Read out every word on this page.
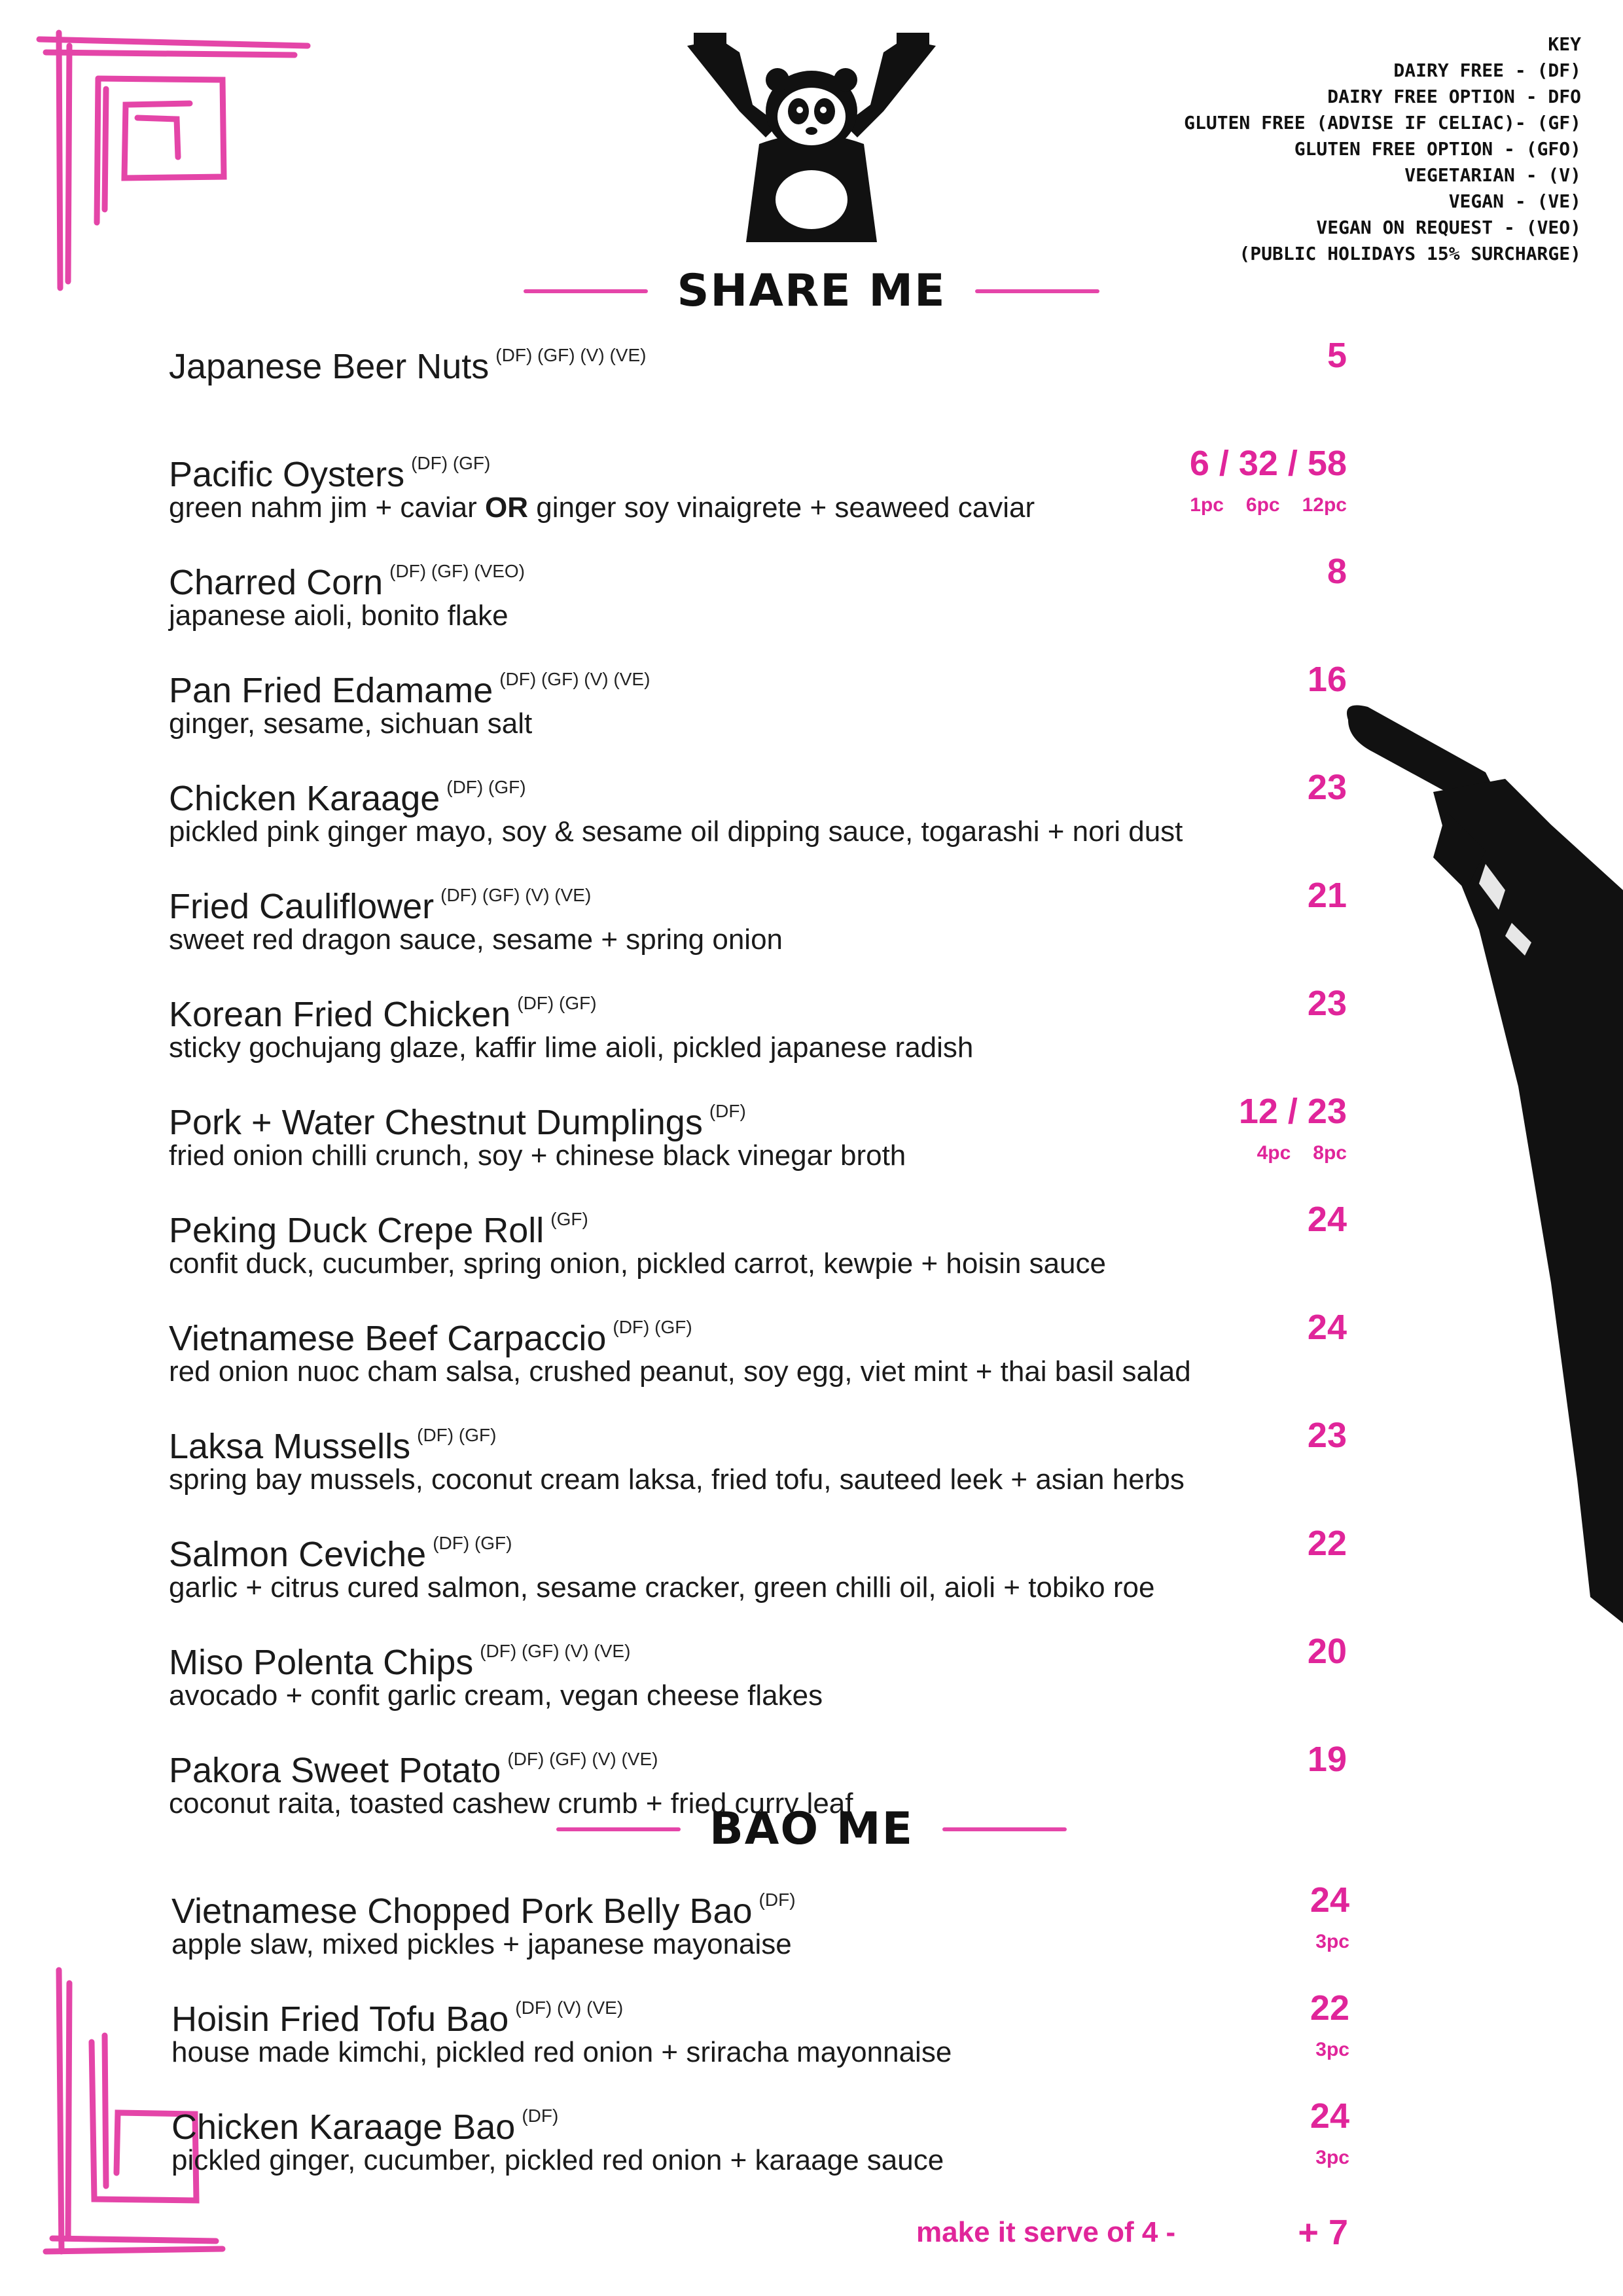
KEY
DAIRY FREE - (DF)
DAIRY FREE OPTION - DFO
GLUTEN FREE (ADVISE IF CELIAC)- (GF)
GLUTEN FREE OPTION - (GFO)
VEGETARIAN - (V)
VEGAN - (VE)
VEGAN ON REQUEST - (VEO)
(PUBLIC HOLIDAYS 15% SURCHARGE)
SHARE ME
Japanese Beer Nuts $^{(DF) (GF) (V) (VE)}$	5
Pacific Oysters $^{(DF) (GF)}$
green nahm jim + caviar OR ginger soy vinaigrete + seaweed caviar
6 / 32 / 58
1pc 6pc 12pc
Charred Corn $^{(DF) (GF) (VEO)}$
japanese aioli, bonito flake
8
Pan Fried Edamame $^{(DF) (GF) (V) (VE)}$
ginger, sesame, sichuan salt
16
Chicken Karaage $^{(DF) (GF)}$
pickled pink ginger mayo, soy & sesame oil dipping sauce, togarashi + nori dust
23
Fried Cauliflower $^{(DF) (GF) (V) (VE)}$
sweet red dragon sauce, sesame + spring onion
21
Korean Fried Chicken $^{(DF) (GF)}$
sticky gochujang glaze, kaffir lime aioli, pickled japanese radish
23
Pork + Water Chestnut Dumplings $^{(DF)}$
fried onion chilli crunch, soy + chinese black vinegar broth
12 / 23
4pc 8pc
Peking Duck Crepe Roll $^{(GF)}$
confit duck, cucumber, spring onion, pickled carrot, kewpie + hoisin sauce
24
Vietnamese Beef Carpaccio $^{(DF) (GF)}$
red onion nuoc cham salsa, crushed peanut, soy egg, viet mint + thai basil salad
24
Laksa Mussells $^{(DF) (GF)}$
spring bay mussels, coconut cream laksa, fried tofu, sauteed leek + asian herbs
23
Salmon Ceviche $^{(DF) (GF)}$
garlic + citrus cured salmon, sesame cracker, green chilli oil, aioli + tobiko roe
22
Miso Polenta Chips $^{(DF) (GF) (V) (VE)}$
avocado + confit garlic cream, vegan cheese flakes
20
Pakora Sweet Potato $^{(DF) (GF) (V) (VE)}$
coconut raita, toasted cashew crumb + fried curry leaf
19
BAO ME
Vietnamese Chopped Pork Belly Bao $^{(DF)}$
apple slaw, mixed pickles + japanese mayonaise
24
3pc
Hoisin Fried Tofu Bao $^{(DF) (V) (VE)}$
house made kimchi, pickled red onion + sriracha mayonnaise
22
3pc
Chicken Karaage Bao $^{(DF)}$
pickled ginger, cucumber, pickled red onion + karaage sauce
24
3pc
make it serve of 4 -	+ 7
